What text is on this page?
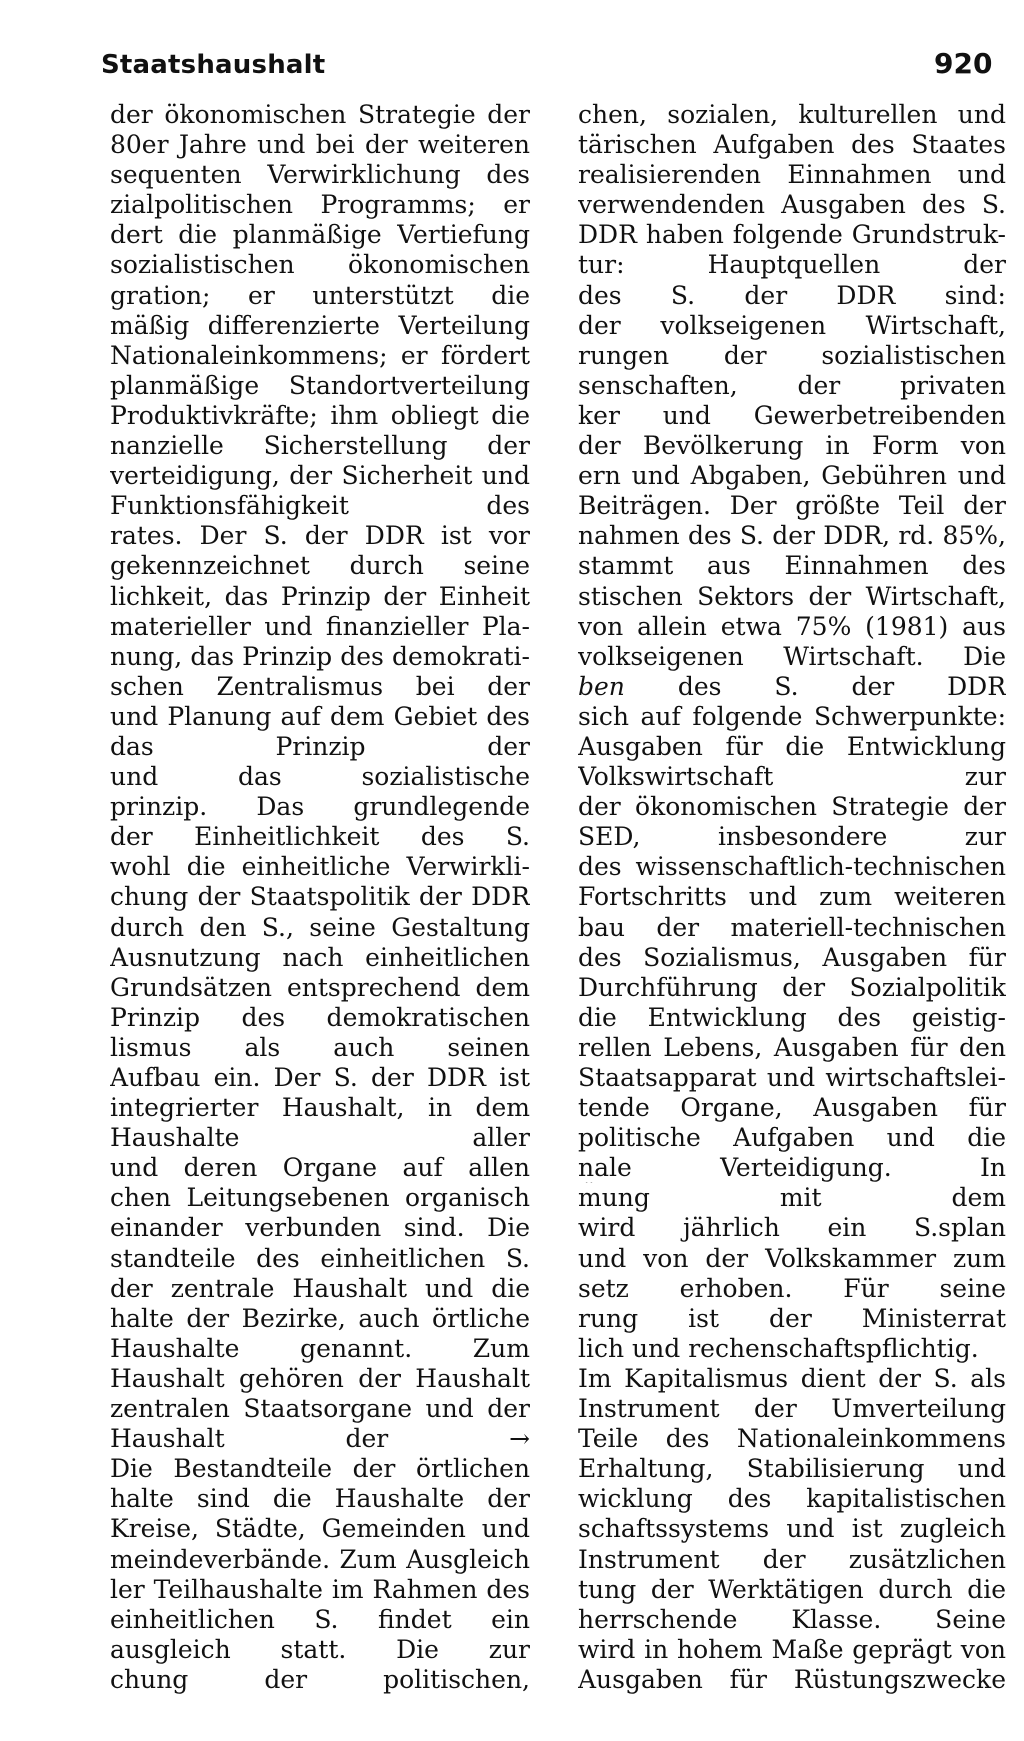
Staatshaushalt	920
der ökonomischen Strategie der
80er Jahre und bei der weiteren
sequenten Verwirklichung des
zialpolitischen Programms; er
dert die planmäßige Vertiefung
sozialistischen ökonomischen
gration; er unterstützt die
mäßig differenzierte Verteilung
Nationaleinkommens; er fördert
planmäßige Standortverteilung
Produktivkräfte; ihm obliegt die
nanzielle Sicherstellung der
verteidigung, der Sicherheit und
Funktionsfähigkeit des
rates. Der S. der DDR ist vor
gekennzeichnet durch seine
lichkeit, das Prinzip der Einheit
materieller und finanzieller Pla-
nung, das Prinzip des demokrati-
schen Zentralismus bei der
und Planung auf dem Gebiet des
das Prinzip der
und das sozialistische
prinzip. Das grundlegende
der Einheitlichkeit des S.
wohl die einheitliche Verwirkli-
chung der Staatspolitik der DDR
durch den S., seine Gestaltung
Ausnutzung nach einheitlichen
Grundsätzen entsprechend dem
Prinzip des demokratischen
lismus als auch seinen
Aufbau ein. Der S. der DDR ist
integrierter Haushalt, in dem
Haushalte aller
und deren Organe auf allen
chen Leitungsebenen organisch
einander verbunden sind. Die
standteile des einheitlichen S.
der zentrale Haushalt und die
halte der Bezirke, auch örtliche
Haushalte genannt. Zum
Haushalt gehören der Haushalt
zentralen Staatsorgane und der
Haushalt	der	→
Die Bestandteile der örtlichen
halte sind die Haushalte der
Kreise, Städte, Gemeinden und
meindeverbände. Zum Ausgleich
ler Teilhaushalte im Rahmen des
einheitlichen S. findet ein
ausgleich statt. Die zur
chung der politischen,
chen, sozialen, kulturellen und
tärischen Aufgaben des Staates
realisierenden Einnahmen und
verwendenden Ausgaben des S.
DDR haben folgende Grundstruk-
tur:	Hauptquellen	der
des S. der DDR sind:
der volkseigenen Wirtschaft,
rungen der sozialistischen
senschaften, der privaten
ker und Gewerbetreibenden
der Bevölkerung in Form von
ern und Abgaben, Gebühren und
Beiträgen. Der größte Teil der
nahmen des S. der DDR, rd. 85%,
stammt aus Einnahmen des
stischen Sektors der Wirtschaft,
von allein etwa 75% (1981) aus
volkseigenen Wirtschaft. Die
ben des S. der DDR
sich auf folgende Schwerpunkte:
Ausgaben für die Entwicklung
Volkswirtschaft zur
der ökonomischen Strategie der
SED, insbesondere zur
des wissenschaftlich-technischen
Fortschritts und zum weiteren
bau der materiell-technischen
des Sozialismus, Ausgaben für
Durchführung der Sozialpolitik
die Entwicklung des geistig-
rellen Lebens, Ausgaben für den
Staatsapparat und wirtschaftslei-
tende Organe, Ausgaben für
politische Aufgaben und die
nale Verteidigung. In
mung mit dem
wird jährlich ein S.splan
und von der Volkskammer zum
setz erhoben. Für seine
rung ist der Ministerrat
lich und rechenschaftspflichtig.
Im Kapitalismus dient der S. als
Instrument der Umverteilung
Teile des Nationaleinkommens
Erhaltung, Stabilisierung und
wicklung des kapitalistischen
schaftssystems und ist zugleich
Instrument der zusätzlichen
tung der Werktätigen durch die
herrschende Klasse. Seine
wird in hohem Maße geprägt von
Ausgaben für Rüstungszwecke
